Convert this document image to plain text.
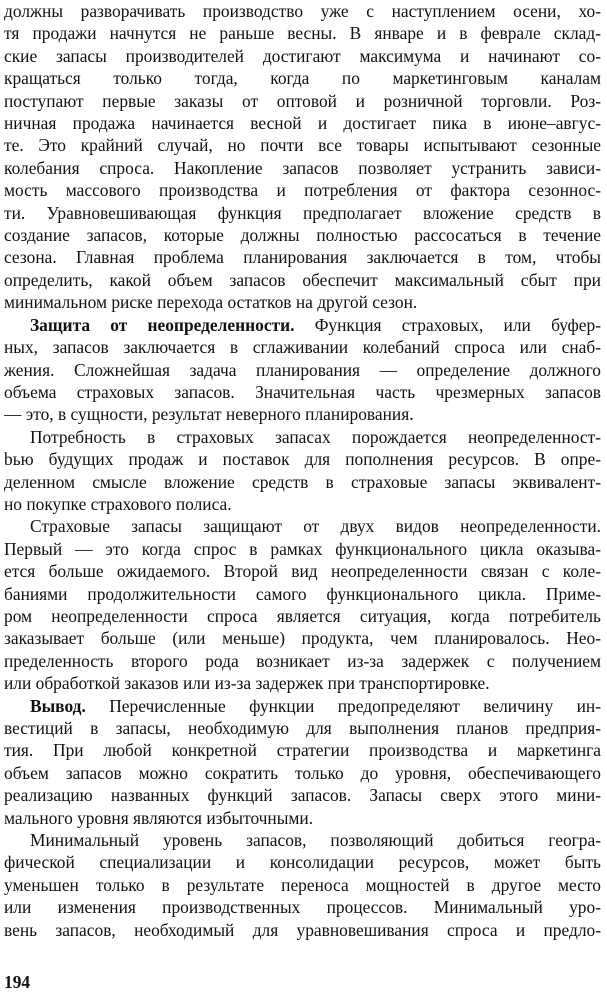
должны разворачивать производство уже с наступлением осени, хо-
тя продажи начнутся не раньше весны. В январе и в феврале склад-
ские запасы производителей достигают максимума и начинают со-
кращаться только тогда, когда по маркетинговым каналам
поступают первые заказы от оптовой и розничной торговли. Роз-
ничная продажа начинается весной и достигает пика в июне–авгус-
те. Это крайний случай, но почти все товары испытывают сезонные
колебания спроса. Накопление запасов позволяет устранить зависи-
мость массового производства и потребления от фактора сезоннос-
ти. Уравновешивающая функция предполагает вложение средств в
создание запасов, которые должны полностью рассосаться в течение
сезона. Главная проблема планирования заключается в том, чтобы
определить, какой объем запасов обеспечит максимальный сбыт при
минимальном риске перехода остатков на другой сезон.

Защита от неопределенности. Функция страховых, или буфер-
ных, запасов заключается в сглаживании колебаний спроса или снаб-
жения. Сложнейшая задача планирования — определение должного
объема страховых запасов. Значительная часть чрезмерных запасов
— это, в сущности, результат неверного планирования.

Потребность в страховых запасах порождается неопределенност-
bью будущих продаж и поставок для пополнения ресурсов. В опре-
деленном смысле вложение средств в страховые запасы эквивалент-
но покупке страхового полиса.

Страховые запасы защищают от двух видов неопределенности.
Первый — это когда спрос в рамках функционального цикла оказыва-
ется больше ожидаемого. Второй вид неопределенности связан с коле-
баниями продолжительности самого функционального цикла. Приме-
ром неопределенности спроса является ситуация, когда потребитель
заказывает больше (или меньше) продукта, чем планировалось. Нео-
пределенность второго рода возникает из-за задержек с получением
или обработкой заказов или из-за задержек при транспортировке.

Вывод. Перечисленные функции предопределяют величину ин-
вестиций в запасы, необходимую для выполнения планов предприя-
тия. При любой конкретной стратегии производства и маркетинга
объем запасов можно сократить только до уровня, обеспечивающего
реализацию названных функций запасов. Запасы сверх этого мини-
мального уровня являются избыточными.

Минимальный уровень запасов, позволяющий добиться геогра-
фической специализации и консолидации ресурсов, может быть
уменьшен только в результате переноса мощностей в другое место
или изменения производственных процессов. Минимальный уро-
вень запасов, необходимый для уравновешивания спроса и предло-

194
